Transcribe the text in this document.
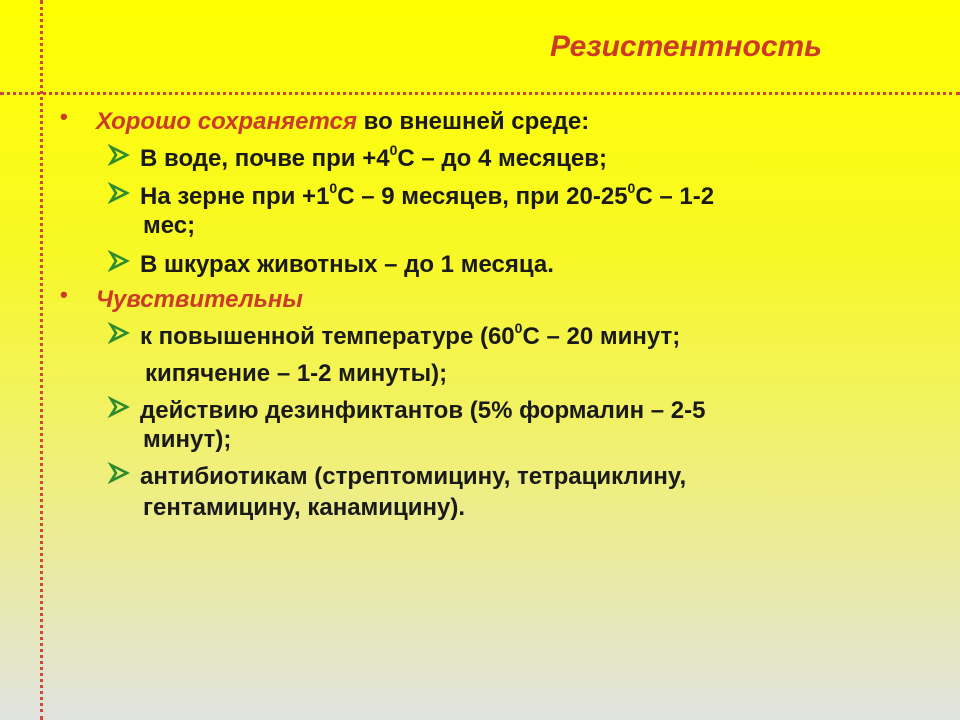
Резистентность
• Хорошо сохраняется во внешней среде:
В воде, почве при $+4^0С$ – до 4 месяцев;
На зерне при $+1^0С - 9$ месяцев, при $20-25^0С - 1-2$
мес;
В шкурах животных – до 1 месяца.
• Чувствительны
к повышенной температуре ($60^0С - 20$ минут;
кипячение – 1-2 минуты);
действию дезинфиктантов (5% формалин – 2-5
минут);
антибиотикам (стрептомицину, тетрациклину,
гентамицину, канамицину).
